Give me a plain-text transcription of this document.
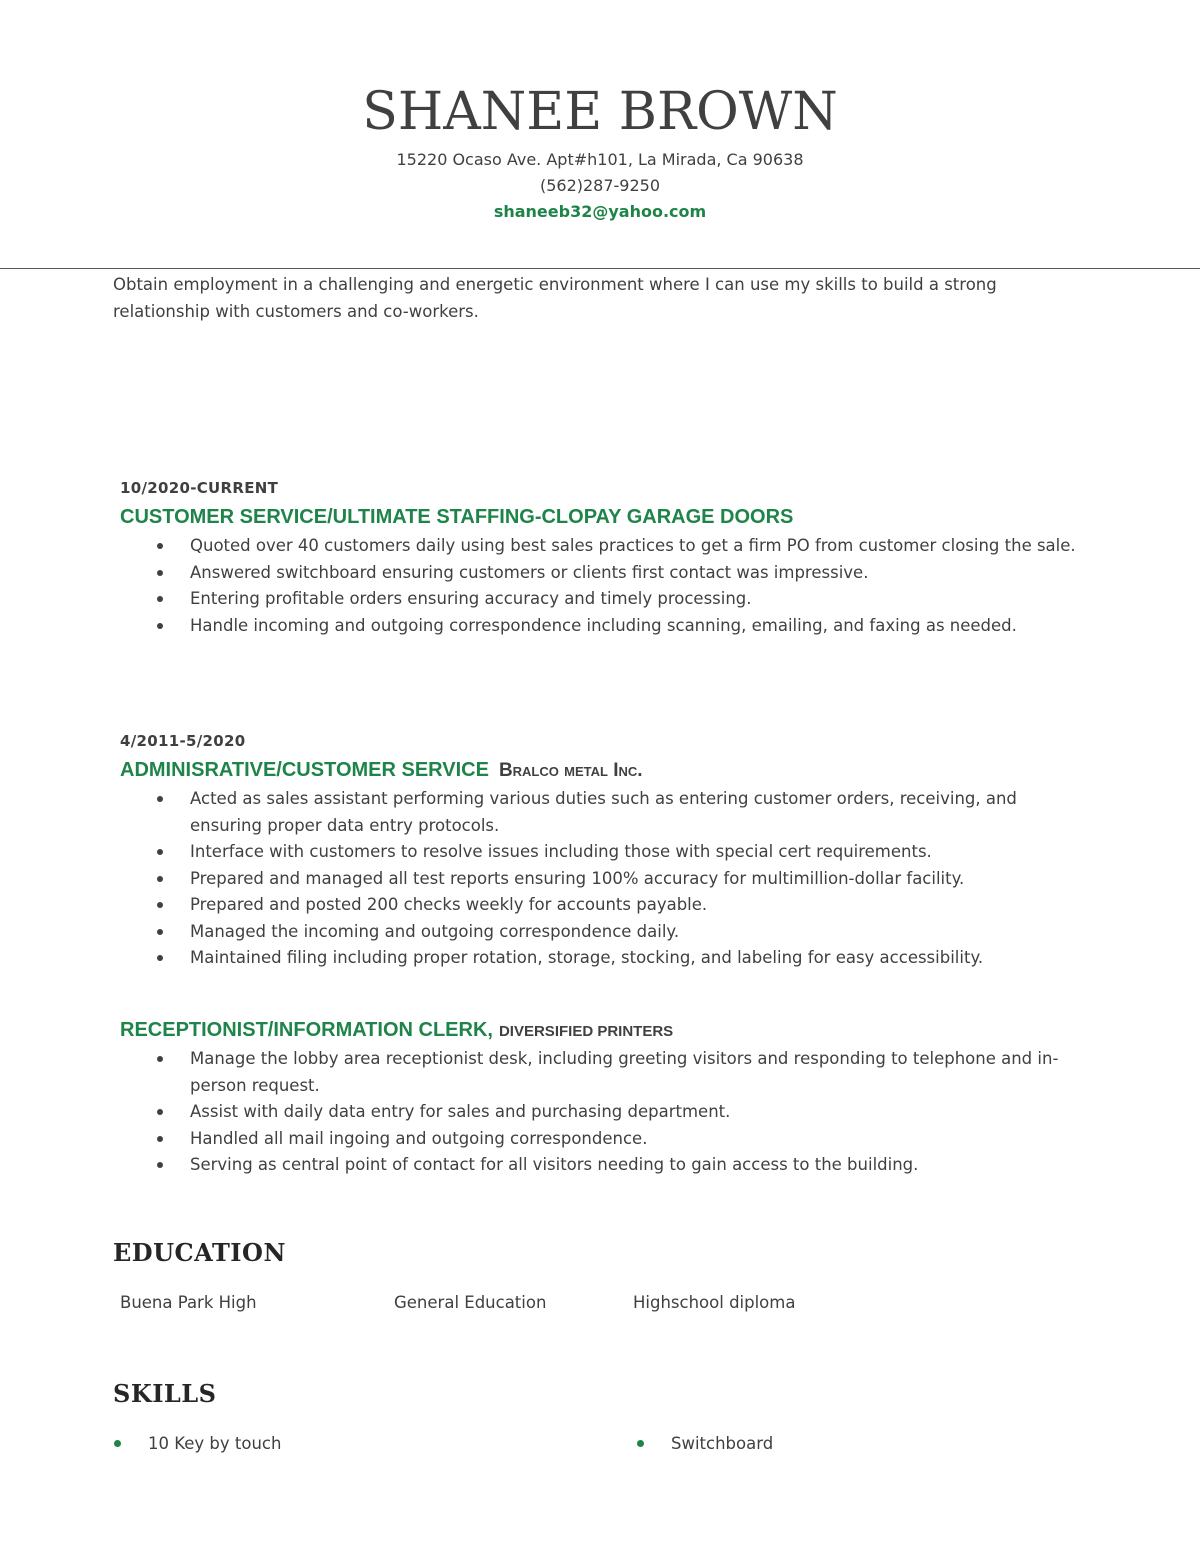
SHANEE BROWN
15220 Ocaso Ave. Apt#h101, La Mirada, Ca 90638
(562)287-9250
shaneeb32@yahoo.com
Obtain employment in a challenging and energetic environment where I can use my skills to build a strong relationship with customers and co-workers.
10/2020-CURRENT
CUSTOMER SERVICE/ULTIMATE STAFFING-CLOPAY GARAGE DOORS
Quoted over 40 customers daily using best sales practices to get a firm PO from customer closing the sale.
Answered switchboard ensuring customers or clients first contact was impressive.
Entering profitable orders ensuring accuracy and timely processing.
Handle incoming and outgoing correspondence including scanning, emailing, and faxing as needed.
4/2011-5/2020
ADMINISRATIVE/CUSTOMER SERVICE Bralco metal Inc.
Acted as sales assistant performing various duties such as entering customer orders, receiving, and ensuring proper data entry protocols.
Interface with customers to resolve issues including those with special cert requirements.
Prepared and managed all test reports ensuring 100% accuracy for multimillion-dollar facility.
Prepared and posted 200 checks weekly for accounts payable.
Managed the incoming and outgoing correspondence daily.
Maintained filing including proper rotation, storage, stocking, and labeling for easy accessibility.
RECEPTIONIST/INFORMATION CLERK, DIVERSIFIED PRINTERS
Manage the lobby area receptionist desk, including greeting visitors and responding to telephone and in-person request.
Assist with daily data entry for sales and purchasing department.
Handled all mail ingoing and outgoing correspondence.
Serving as central point of contact for all visitors needing to gain access to the building.
EDUCATION
Buena Park High	General Education	Highschool diploma
SKILLS
10 Key by touch	Switchboard
